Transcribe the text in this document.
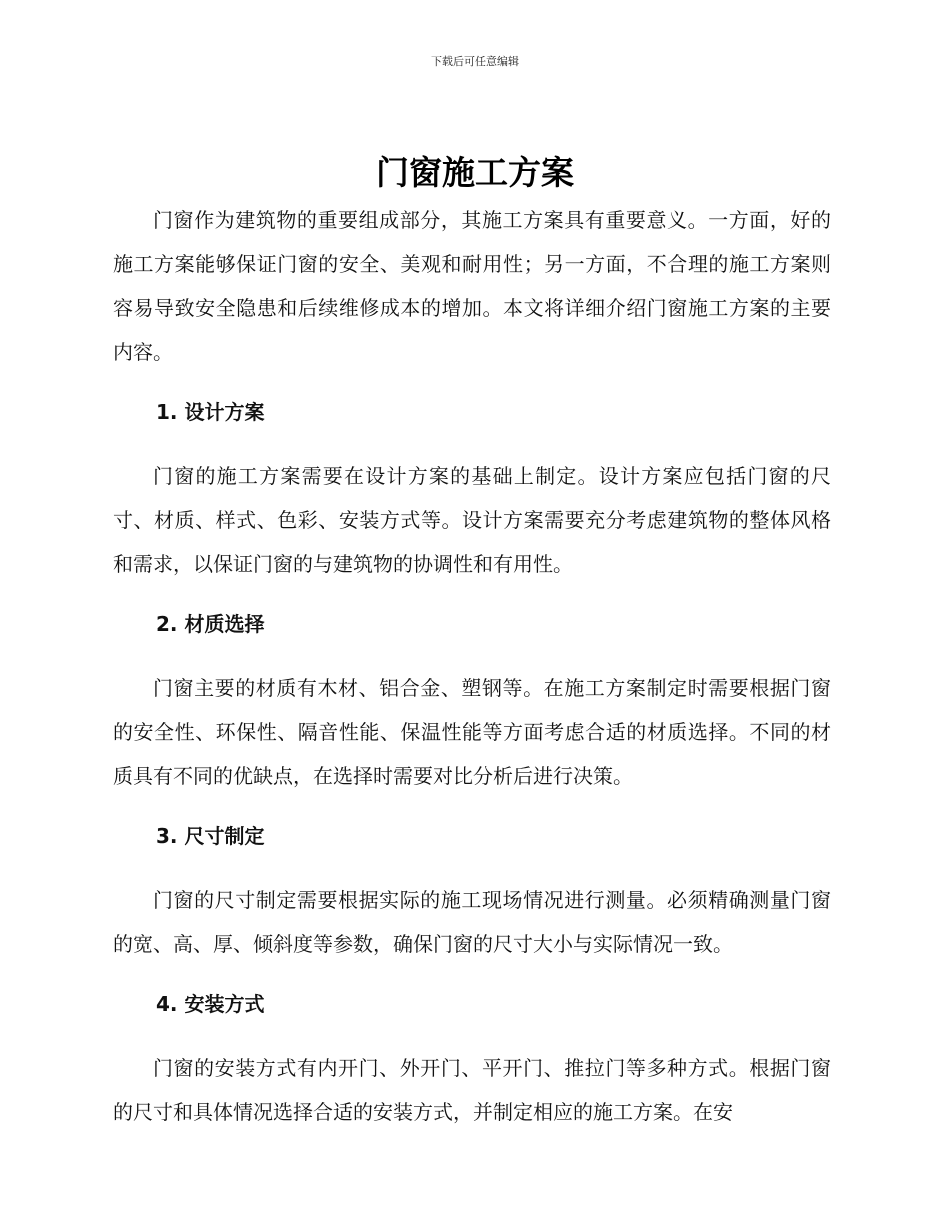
下载后可任意编辑
门窗施工方案

门窗作为建筑物的重要组成部分，其施工方案具有重要意义。一方面，好的施工方案能够保证门窗的安全、美观和耐用性；另一方面，不合理的施工方案则容易导致安全隐患和后续维修成本的增加。本文将详细介绍门窗施工方案的主要内容。

1. 设计方案

门窗的施工方案需要在设计方案的基础上制定。设计方案应包括门窗的尺寸、材质、样式、色彩、安装方式等。设计方案需要充分考虑建筑物的整体风格和需求，以保证门窗的与建筑物的协调性和有用性。

2. 材质选择

门窗主要的材质有木材、铝合金、塑钢等。在施工方案制定时需要根据门窗的安全性、环保性、隔音性能、保温性能等方面考虑合适的材质选择。不同的材质具有不同的优缺点，在选择时需要对比分析后进行决策。

3. 尺寸制定

门窗的尺寸制定需要根据实际的施工现场情况进行测量。必须精确测量门窗的宽、高、厚、倾斜度等参数，确保门窗的尺寸大小与实际情况一致。

4. 安装方式

门窗的安装方式有内开门、外开门、平开门、推拉门等多种方式。根据门窗的尺寸和具体情况选择合适的安装方式，并制定相应的施工方案。在安
